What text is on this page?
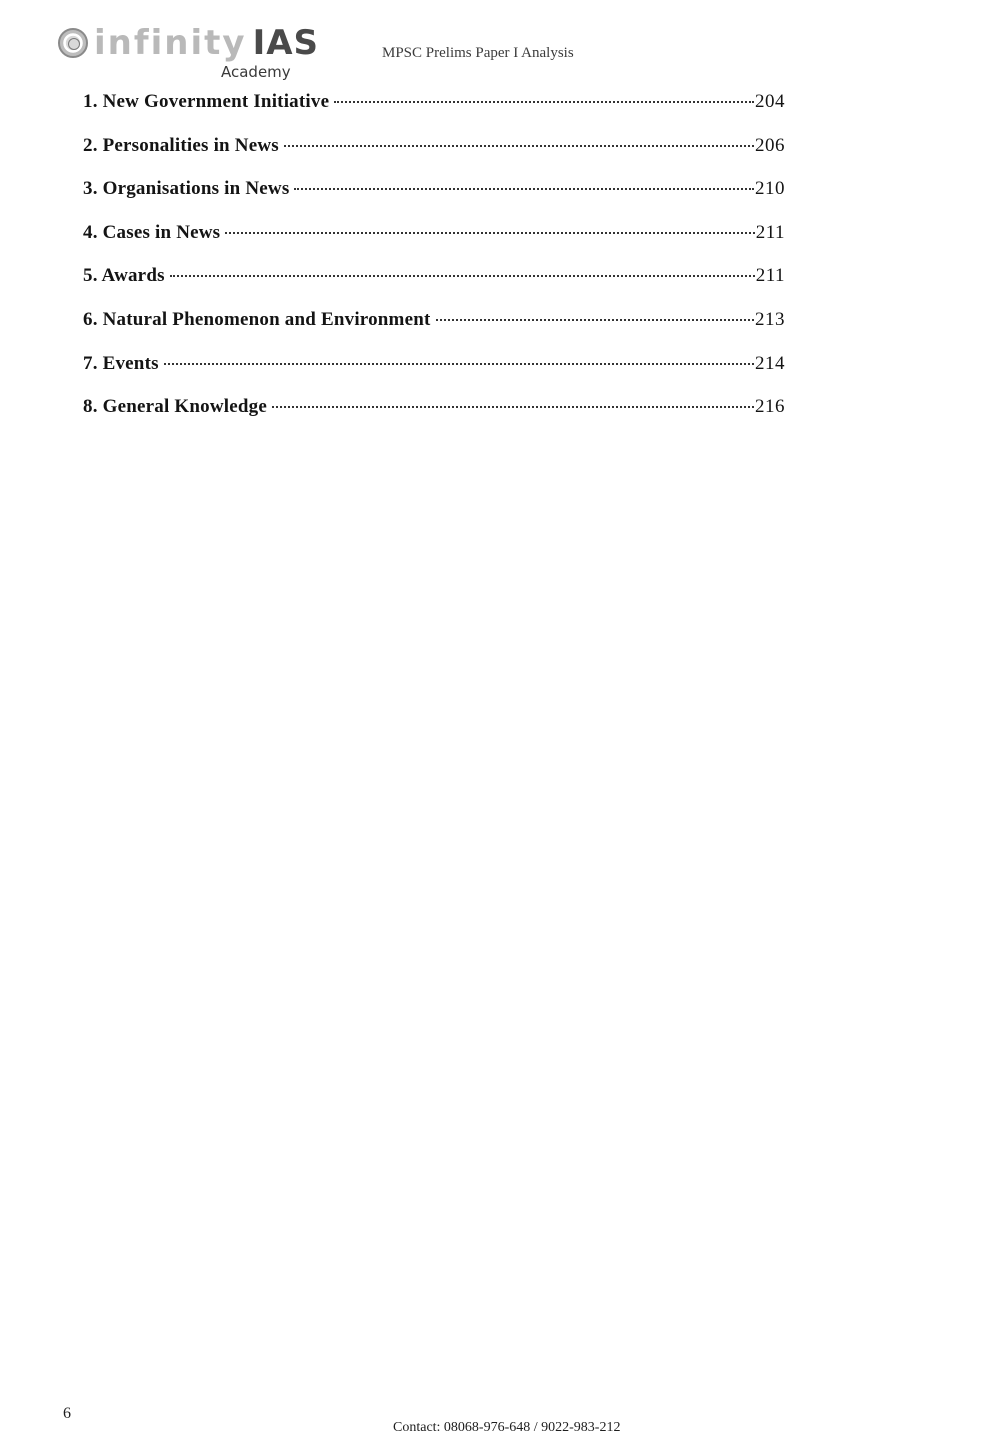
infinity IAS
Academy
MPSC Prelims Paper I Analysis
1. New Government Initiative	204
2. Personalities in News	206
3. Organisations in News	210
4. Cases in News	211
5. Awards	211
6. Natural Phenomenon and Environment	213
7. Events	214
8. General Knowledge	216
6
Contact: 08068-976-648 / 9022-983-212
